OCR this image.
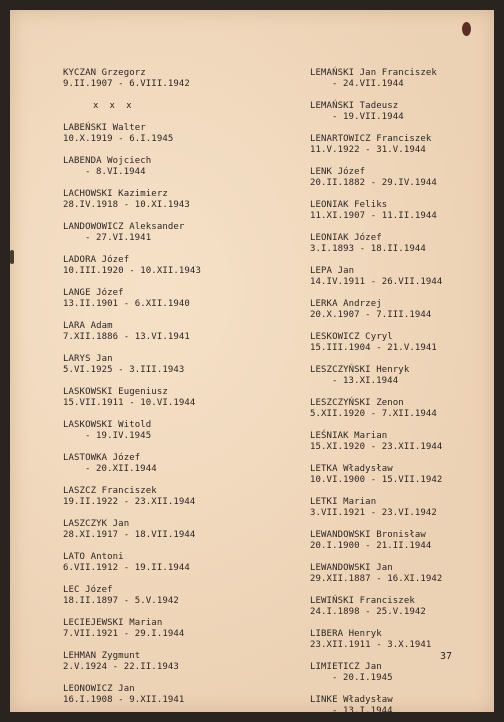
KYCZAN Grzegorz
9.II.1907 - 6.VIII.1942
x  x  x
LABEŃSKI Walter
10.X.1919 - 6.I.1945
LABENDA Wojciech
- 8.VI.1944
LACHOWSKI Kazimierz
28.IV.1918 - 10.XI.1943
LANDOWOWICZ Aleksander
- 27.VI.1941
LADORA Józef
10.III.1920 - 10.XII.1943
LANGE Józef
13.II.1901 - 6.XII.1940
LARA Adam
7.XII.1886 - 13.VI.1941
LARYS Jan
5.VI.1925 - 3.III.1943
LASKOWSKI Eugeniusz
15.VII.1911 - 10.VI.1944
LASKOWSKI Witold
- 19.IV.1945
LASTOWKA Józef
- 20.XII.1944
LASZCZ Franciszek
19.II.1922 - 23.XII.1944
LASZCZYK Jan
28.XI.1917 - 18.VII.1944
LATO Antoni
6.VII.1912 - 19.II.1944
LEC Józef
18.II.1897 - 5.V.1942
LECIEJEWSKI Marian
7.VII.1921 - 29.I.1944
LEHMAN Zygmunt
2.V.1924 - 22.II.1943
LEONOWICZ Jan
16.I.1908 - 9.XII.1941
LEMAŃSKI Jan Franciszek
- 24.VII.1944
LEMAŃSKI Tadeusz
- 19.VII.1944
LENARTOWICZ Franciszek
11.V.1922 - 31.V.1944
LENK Józef
20.II.1882 - 29.IV.1944
LEONIAK Feliks
11.XI.1907 - 11.II.1944
LEONIAK Józef
3.I.1893 - 18.II.1944
LEPA Jan
14.IV.1911 - 26.VII.1944
LERKA Andrzej
20.X.1907 - 7.III.1944
LESKOWICZ Cyryl
15.III.1904 - 21.V.1941
LESZCZYŃSKI Henryk
- 13.XI.1944
LESZCZYŃSKI Zenon
5.XII.1920 - 7.XII.1944
LEŚNIAK Marian
15.XI.1920 - 23.XII.1944
LETKA Władysław
10.VI.1900 - 15.VII.1942
LETKI Marian
3.VII.1921 - 23.VI.1942
LEWANDOWSKI Bronisław
20.I.1900 - 21.II.1944
LEWANDOWSKI Jan
29.XII.1887 - 16.XI.1942
LEWIŃSKI Franciszek
24.I.1898 - 25.V.1942
LIBERA Henryk
23.XII.1911 - 3.X.1941
LIMIETICZ Jan
- 20.I.1945
LINKE Władysław
- 13.I.1944
37
